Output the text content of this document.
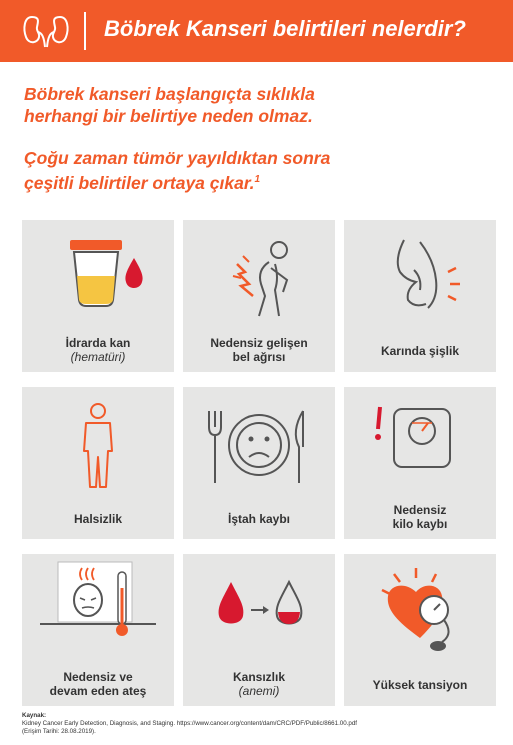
Böbrek Kanseri belirtileri nelerdir?
Böbrek kanseri başlangıçta sıklıkla
herhangi bir belirtiye neden olmaz.
Çoğu zaman tümör yayıldıktan sonra
çeşitli belirtiler ortaya çıkar.$^1$
İdrarda kan
(hematüri)
Nedensiz gelişen
bel ağrısı	Karında şişlik
Halsizlik	İştah kaybı
Nedensiz
kilo kaybı
Nedensiz ve
devam eden ateş
Kansızlık
(anemi)	Yüksek tansiyon
Kaynak:
Kidney Cancer Early Detection, Diagnosis, and Staging. https://www.cancer.org/content/dam/CRC/PDF/Public/8661.00.pdf
(Erişim Tarihi: 28.08.2019).
